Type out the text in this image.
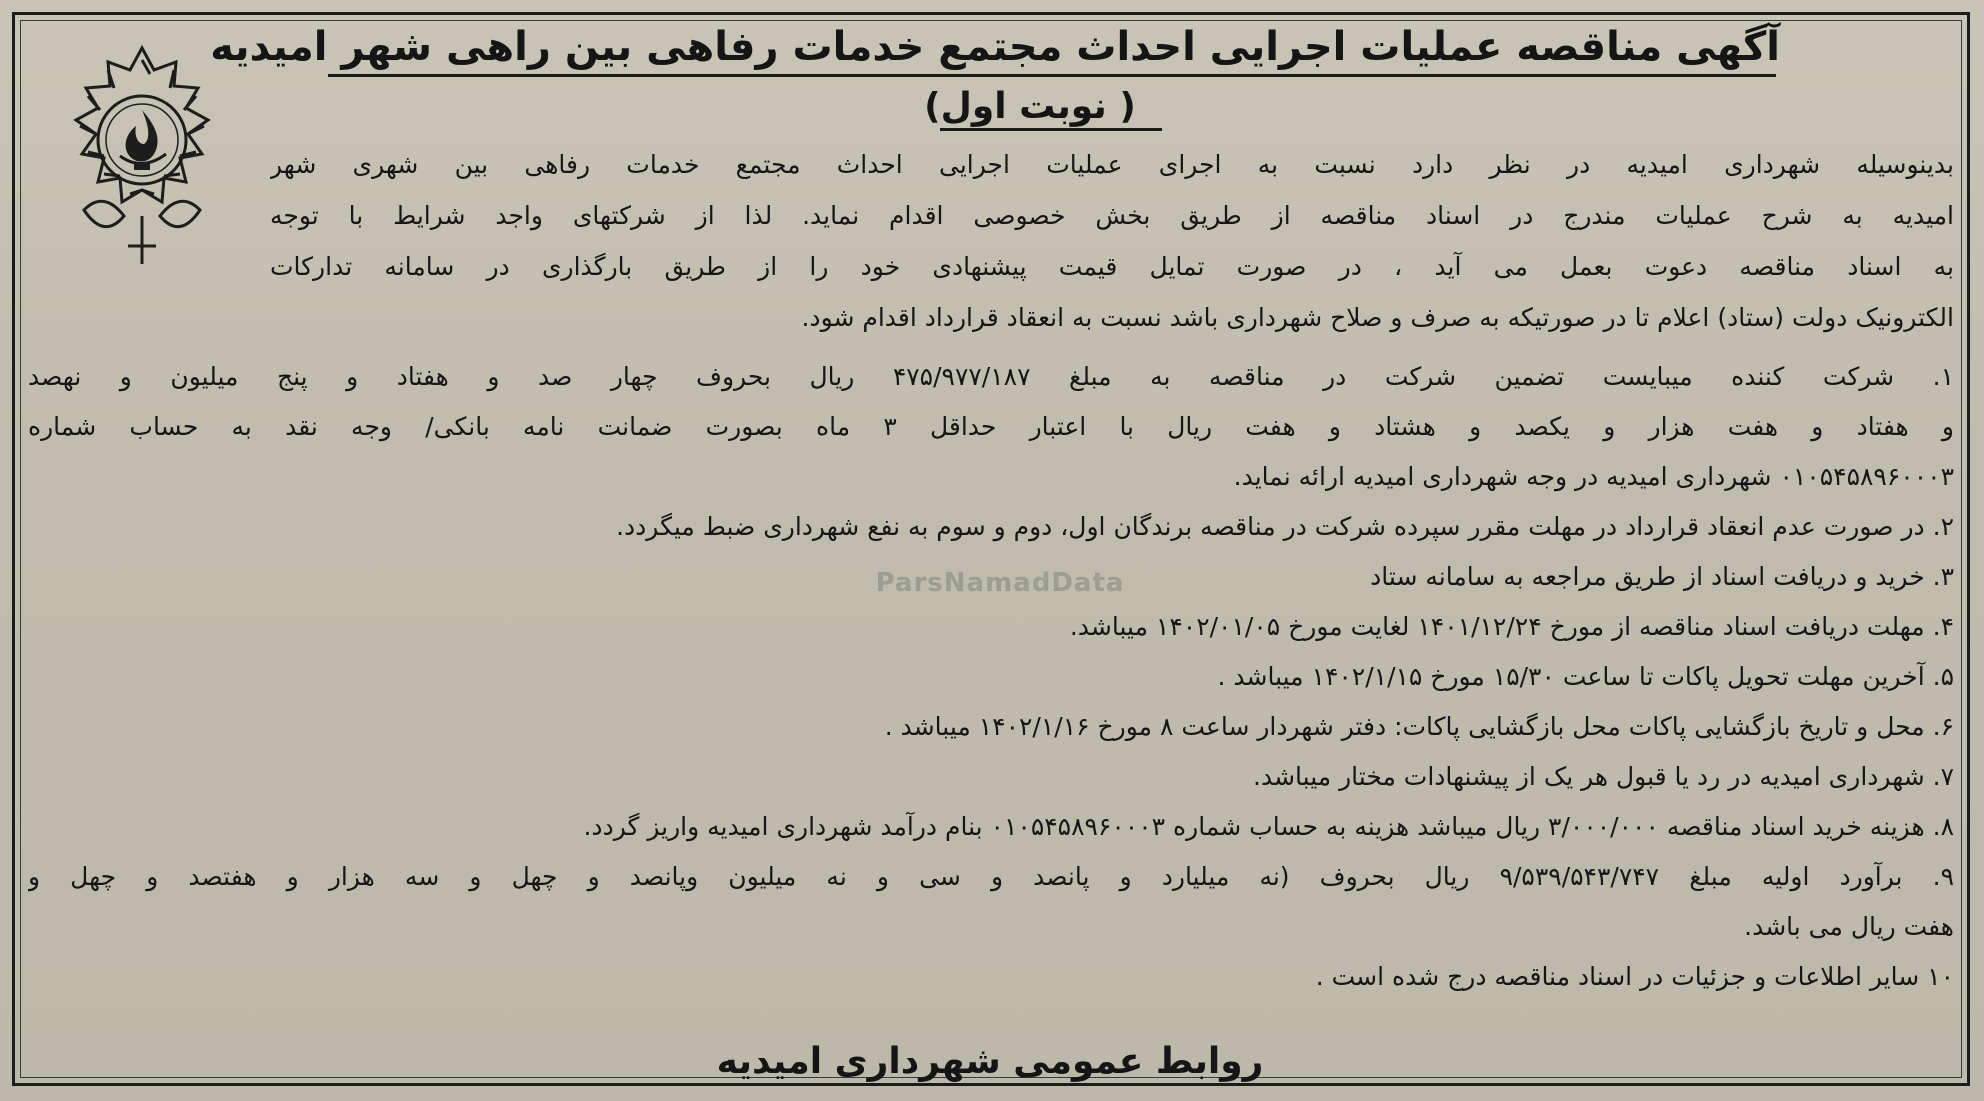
آگهی مناقصه عملیات اجرایی احداث مجتمع خدمات رفاهی بین راهی شهر امیدیه
( نوبت اول)
بدینوسیله شهرداری امیدیه در نظر دارد نسبت به اجرای عملیات اجرایی احداث مجتمع خدمات رفاهی بین شهری شهر
امیدیه به شرح عملیات مندرج در اسناد مناقصه از طریق بخش خصوصی اقدام نماید. لذا از شرکتهای واجد شرایط با توجه
به اسناد مناقصه دعوت بعمل می آید ، در صورت تمایل قیمت پیشنهادی خود را از طریق بارگذاری در سامانه تدارکات
الکترونیک دولت (ستاد) اعلام تا در صورتیکه به صرف و صلاح شهرداری باشد نسبت به انعقاد قرارداد اقدام شود.
۱. شرکت کننده میبایست تضمین شرکت در مناقصه به مبلغ ۴۷۵/۹۷۷/۱۸۷ ریال بحروف چهار صد و هفتاد و پنج میلیون و نهصد
و هفتاد و هفت هزار و یکصد و هشتاد و هفت ریال با اعتبار حداقل ۳ ماه بصورت ضمانت نامه بانکی/ وجه نقد به حساب شماره
۰۱۰۵۴۵۸۹۶۰۰۰۳ شهرداری امیدیه در وجه شهرداری امیدیه ارائه نماید.
۲. در صورت عدم انعقاد قرارداد در مهلت مقرر سپرده شرکت در مناقصه برندگان اول، دوم و سوم به نفع شهرداری ضبط میگردد.
۳. خرید و دریافت اسناد از طریق مراجعه به سامانه ستاد
۴. مهلت دریافت اسناد مناقصه از مورخ ۱۴۰۱/۱۲/۲۴ لغایت مورخ ۱۴۰۲/۰۱/۰۵ میباشد.
۵. آخرین مهلت تحویل پاکات تا ساعت ۱۵/۳۰ مورخ ۱۴۰۲/۱/۱۵ میباشد .
۶. محل و تاریخ بازگشایی پاکات محل بازگشایی پاکات: دفتر شهردار ساعت ۸ مورخ ۱۴۰۲/۱/۱۶ میباشد .
۷. شهرداری امیدیه در رد یا قبول هر یک از پیشنهادات مختار میباشد.
۸. هزینه خرید اسناد مناقصه ۳/۰۰۰/۰۰۰ ریال میباشد هزینه به حساب شماره ۰۱۰۵۴۵۸۹۶۰۰۰۳ بنام درآمد شهرداری امیدیه واریز گردد.
۹. برآورد اولیه مبلغ ۹/۵۳۹/۵۴۳/۷۴۷ ریال بحروف (نه میلیارد و پانصد و سی و نه میلیون وپانصد و چهل و سه هزار و هفتصد و چهل و
هفت ریال می باشد.
۱۰ سایر اطلاعات و جزئیات در اسناد مناقصه درج شده است .
ParsNamadData
روابط عمومی شهرداری امیدیه
